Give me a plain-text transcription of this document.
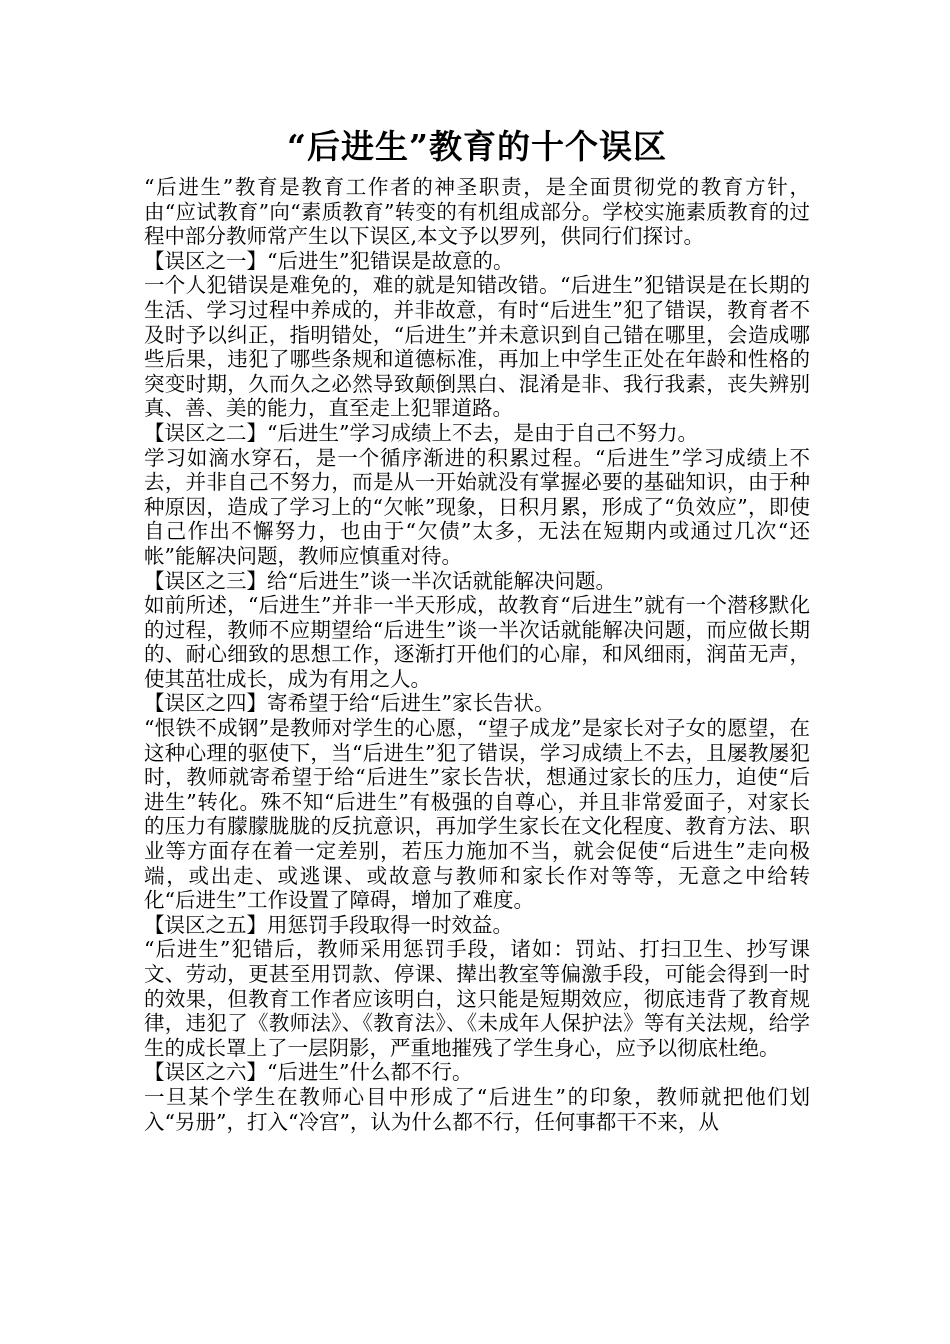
“后进生”教育的十个误区

“后进生”教育是教育工作者的神圣职责，是全面贯彻党的教育方针，由“应试教育”向“素质教育”转变的有机组成部分。学校实施素质教育的过程中部分教师常产生以下误区,本文予以罗列，供同行们探讨。

【误区之一】“后进生”犯错误是故意的。

一个人犯错误是难免的，难的就是知错改错。“后进生”犯错误是在长期的生活、学习过程中养成的，并非故意，有时“后进生”犯了错误，教育者不及时予以纠正，指明错处，“后进生”并未意识到自己错在哪里，会造成哪些后果，违犯了哪些条规和道德标准，再加上中学生正处在年龄和性格的突变时期，久而久之必然导致颠倒黑白、混淆是非、我行我素，丧失辨别真、善、美的能力，直至走上犯罪道路。

【误区之二】“后进生”学习成绩上不去，是由于自己不努力。

学习如滴水穿石，是一个循序渐进的积累过程。“后进生”学习成绩上不去，并非自己不努力，而是从一开始就没有掌握必要的基础知识，由于种种原因，造成了学习上的“欠帐”现象，日积月累，形成了“负效应”，即使自己作出不懈努力，也由于“欠债”太多，无法在短期内或通过几次“还帐”能解决问题，教师应慎重对待。

【误区之三】给“后进生”谈一半次话就能解决问题。

如前所述，“后进生”并非一半天形成，故教育“后进生”就有一个潜移默化的过程，教师不应期望给“后进生”谈一半次话就能解决问题，而应做长期的、耐心细致的思想工作，逐渐打开他们的心扉，和风细雨，润苗无声，使其茁壮成长，成为有用之人。

【误区之四】寄希望于给“后进生”家长告状。

“恨铁不成钢”是教师对学生的心愿，“望子成龙”是家长对子女的愿望，在这种心理的驱使下，当“后进生”犯了错误，学习成绩上不去，且屡教屡犯时，教师就寄希望于给“后进生”家长告状，想通过家长的压力，迫使“后进生”转化。殊不知“后进生”有极强的自尊心，并且非常爱面子，对家长的压力有朦朦胧胧的反抗意识，再加学生家长在文化程度、教育方法、职业等方面存在着一定差别，若压力施加不当，就会促使“后进生”走向极端，或出走、或逃课、或故意与教师和家长作对等等，无意之中给转化“后进生”工作设置了障碍，增加了难度。

【误区之五】用惩罚手段取得一时效益。

“后进生”犯错后，教师采用惩罚手段，诸如：罚站、打扫卫生、抄写课文、劳动，更甚至用罚款、停课、撵出教室等偏激手段，可能会得到一时的效果，但教育工作者应该明白，这只能是短期效应，彻底违背了教育规律，违犯了《教师法》、《教育法》、《未成年人保护法》等有关法规，给学生的成长罩上了一层阴影，严重地摧残了学生身心，应予以彻底杜绝。

【误区之六】“后进生”什么都不行。

一旦某个学生在教师心目中形成了“后进生”的印象，教师就把他们划入“另册”，打入“冷宫”，认为什么都不行，任何事都干不来，从
